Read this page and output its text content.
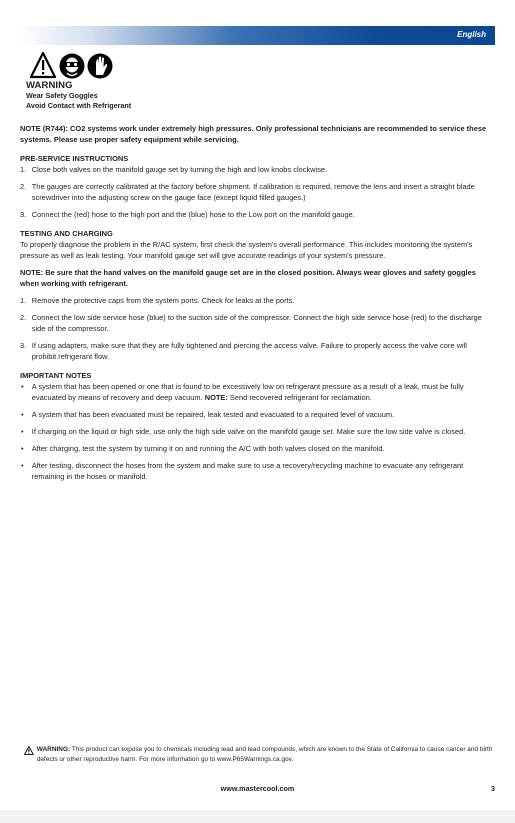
English
WARNING
Wear Safety Goggles
Avoid Contact with Refrigerant

NOTE (R744): CO2 systems work under extremely high pressures. Only professional technicians are recommended to service these systems. Please use proper safety equipment while servicing.

PRE-SERVICE INSTRUCTIONS
1. Close both valves on the manifold gauge set by turning the high and low knobs clockwise.
2. The gauges are correctly calibrated at the factory before shipment. If calibration is required, remove the lens and insert a straight blade screwdriver into the adjusting screw on the gauge face (except liquid filled gauges.)
3. Connect the (red) hose to the high port and the (blue) hose to the Low port on the manifold gauge.
TESTING AND CHARGING

To properly diagnose the problem in the R/AC system, first check the system's overall performance. This includes monitoring the system's pressure as well as leak testing. Your manifold gauge set will give accurate readings of your system's pressure.

NOTE: Be sure that the hand valves on the manifold gauge set are in the closed position. Always wear gloves and safety goggles when working with refrigerant.

1. Remove the protective caps from the system ports. Check for leaks at the ports.
2. Connect the low side service hose (blue) to the suction side of the compressor. Connect the high side service hose (red) to the discharge side of the compressor.
3. If using adapters, make sure that they are fully tightened and piercing the access valve. Failure to properly access the valve core will prohibit refrigerant flow.
IMPORTANT NOTES
• A system that has been opened or one that is found to be excessively low on refrigerant pressure as a result of a leak, must be fully evacuated by means of recovery and deep vacuum. NOTE: Send recovered refrigerant for reclamation.
• A system that has been evacuated must be repaired, leak tested and evacuated to a required level of vacuum.
• If charging on the liquid or high side, use only the high side valve on the manifold gauge set. Make sure the low side valve is closed.
• After charging, test the system by turning it on and running the A/C with both valves closed on the manifold.
• After testing, disconnect the hoses from the system and make sure to use a recovery/recycling machine to evacuate any refrigerant remaining in the hoses or manifold.
WARNING: This product can expose you to chemicals including lead and lead compounds, which are known to the State of California to cause cancer and birth defects or other reproductive harm. For more information go to www.P65Warnings.ca.gov.
www.mastercool.com	3
